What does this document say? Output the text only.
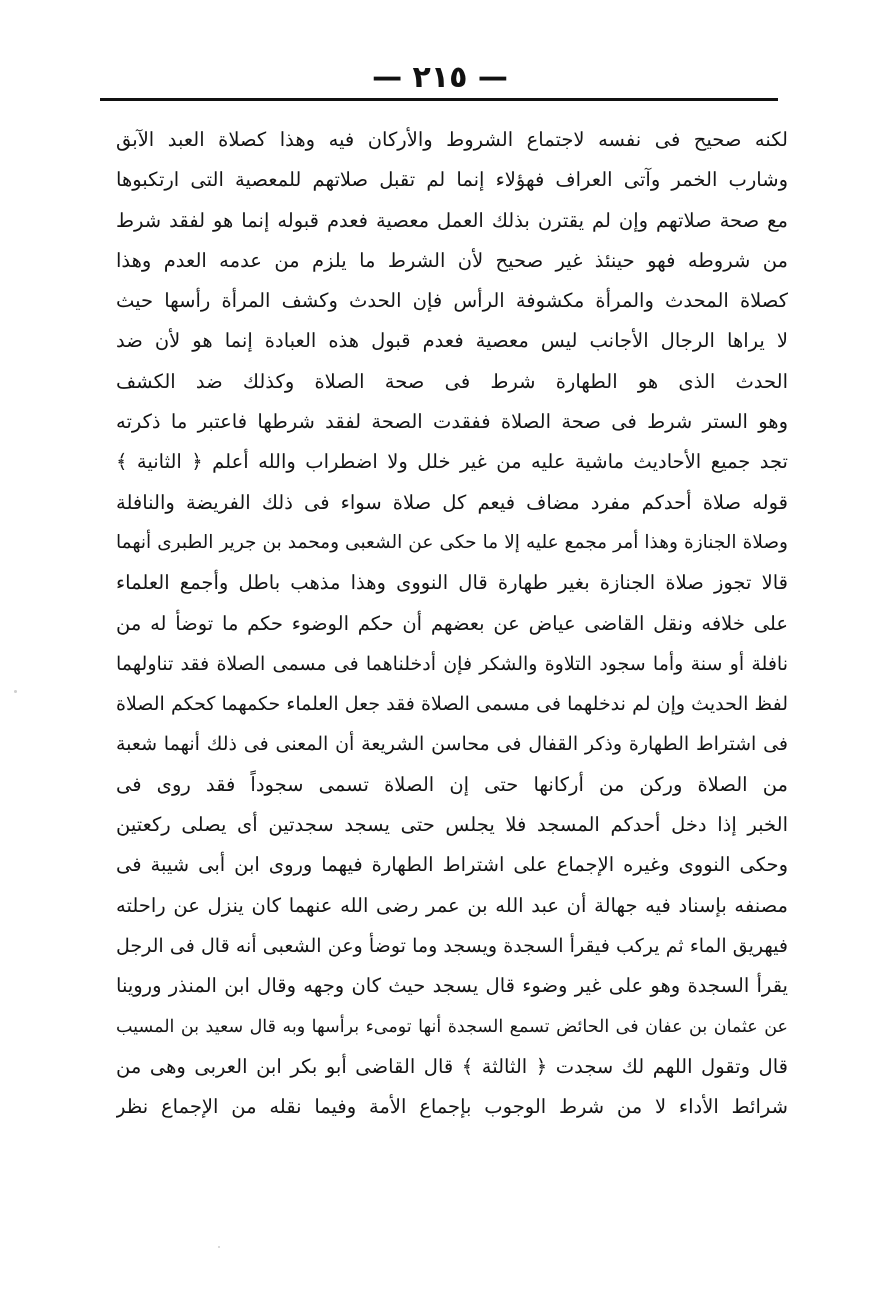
— ٢١٥ —
لكنه صحيح فى نفسه لاجتماع الشروط والأركان فيه وهذا كصلاة العبد الآبق
وشارب الخمر وآتى العراف فهؤلاء إنما لم تقبل صلاتهم للمعصية التى ارتكبوها
مع صحة صلاتهم وإن لم يقترن بذلك العمل معصية فعدم قبوله إنما هو لفقد شرط
من شروطه فهو حينئذ غير صحيح لأن الشرط ما يلزم من عدمه العدم وهذا
كصلاة المحدث والمرأة مكشوفة الرأس فإن الحدث وكشف المرأة رأسها حيث
لا يراها الرجال الأجانب ليس معصية فعدم قبول هذه العبادة إنما هو لأن ضد
الحدث الذى هو الطهارة شرط فى صحة الصلاة وكذلك ضد الكشف
وهو الستر شرط فى صحة الصلاة ففقدت الصحة لفقد شرطها فاعتبر ما ذكرته
تجد جميع الأحاديث ماشية عليه من غير خلل ولا اضطراب والله أعلم ﴿ الثانية ﴾
قوله صلاة أحدكم مفرد مضاف فيعم كل صلاة سواء فى ذلك الفريضة والنافلة
وصلاة الجنازة وهذا أمر مجمع عليه إلا ما حكى عن الشعبى ومحمد بن جرير الطبرى أنهما
قالا تجوز صلاة الجنازة بغير طهارة قال النووى وهذا مذهب باطل وأجمع العلماء
على خلافه ونقل القاضى عياض عن بعضهم أن حكم الوضوء حكم ما توضأ له من
نافلة أو سنة وأما سجود التلاوة والشكر فإن أدخلناهما فى مسمى الصلاة فقد تناولهما
لفظ الحديث وإن لم ندخلهما فى مسمى الصلاة فقد جعل العلماء حكمهما كحكم الصلاة
فى اشتراط الطهارة وذكر القفال فى محاسن الشريعة أن المعنى فى ذلك أنهما شعبة
من الصلاة وركن من أركانها حتى إن الصلاة تسمى سجوداً فقد روى فى
الخبر إذا دخل أحدكم المسجد فلا يجلس حتى يسجد سجدتين أى يصلى ركعتين
وحكى النووى وغيره الإجماع على اشتراط الطهارة فيهما وروى ابن أبى شيبة فى
مصنفه بإسناد فيه جهالة أن عبد الله بن عمر رضى الله عنهما كان ينزل عن راحلته
فيهريق الماء ثم يركب فيقرأ السجدة ويسجد وما توضأ وعن الشعبى أنه قال فى الرجل
يقرأ السجدة وهو على غير وضوء قال يسجد حيث كان وجهه وقال ابن المنذر وروينا
عن عثمان بن عفان فى الحائض تسمع السجدة أنها تومىء برأسها وبه قال سعيد بن المسيب
قال وتقول اللهم لك سجدت ﴿ الثالثة ﴾ قال القاضى أبو بكر ابن العربى وهى من
شرائط الأداء لا من شرط الوجوب بإجماع الأمة وفيما نقله من الإجماع نظر
